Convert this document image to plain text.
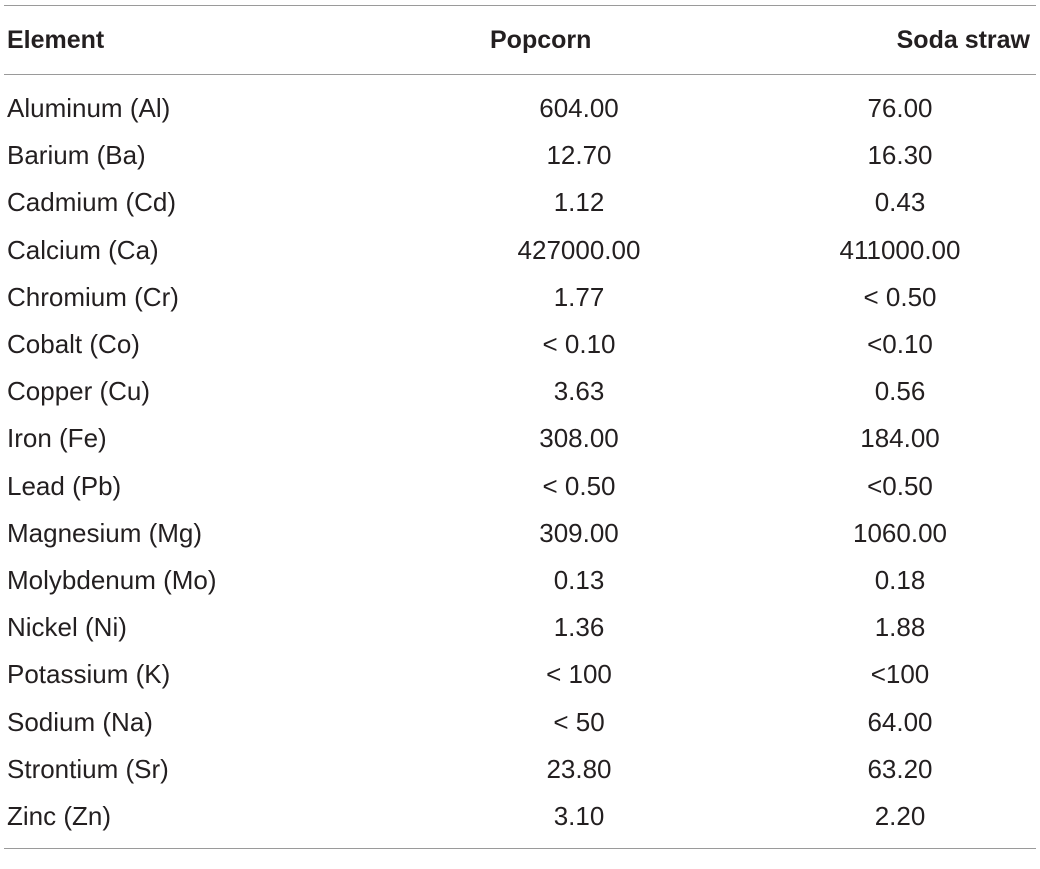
Element	Popcorn	Soda straw
Aluminum (Al)	604.00	76.00
Barium (Ba)	12.70	16.30
Cadmium (Cd)	1.12	0.43
Calcium (Ca)	427000.00	411000.00
Chromium (Cr)	1.77	< 0.50
Cobalt (Co)	< 0.10	<0.10
Copper (Cu)	3.63	0.56
Iron (Fe)	308.00	184.00
Lead (Pb)	< 0.50	<0.50
Magnesium (Mg)	309.00	1060.00
Molybdenum (Mo)	0.13	0.18
Nickel (Ni)	1.36	1.88
Potassium (K)	< 100	<100
Sodium (Na)	< 50	64.00
Strontium (Sr)	23.80	63.20
Zinc (Zn)	3.10	2.20
